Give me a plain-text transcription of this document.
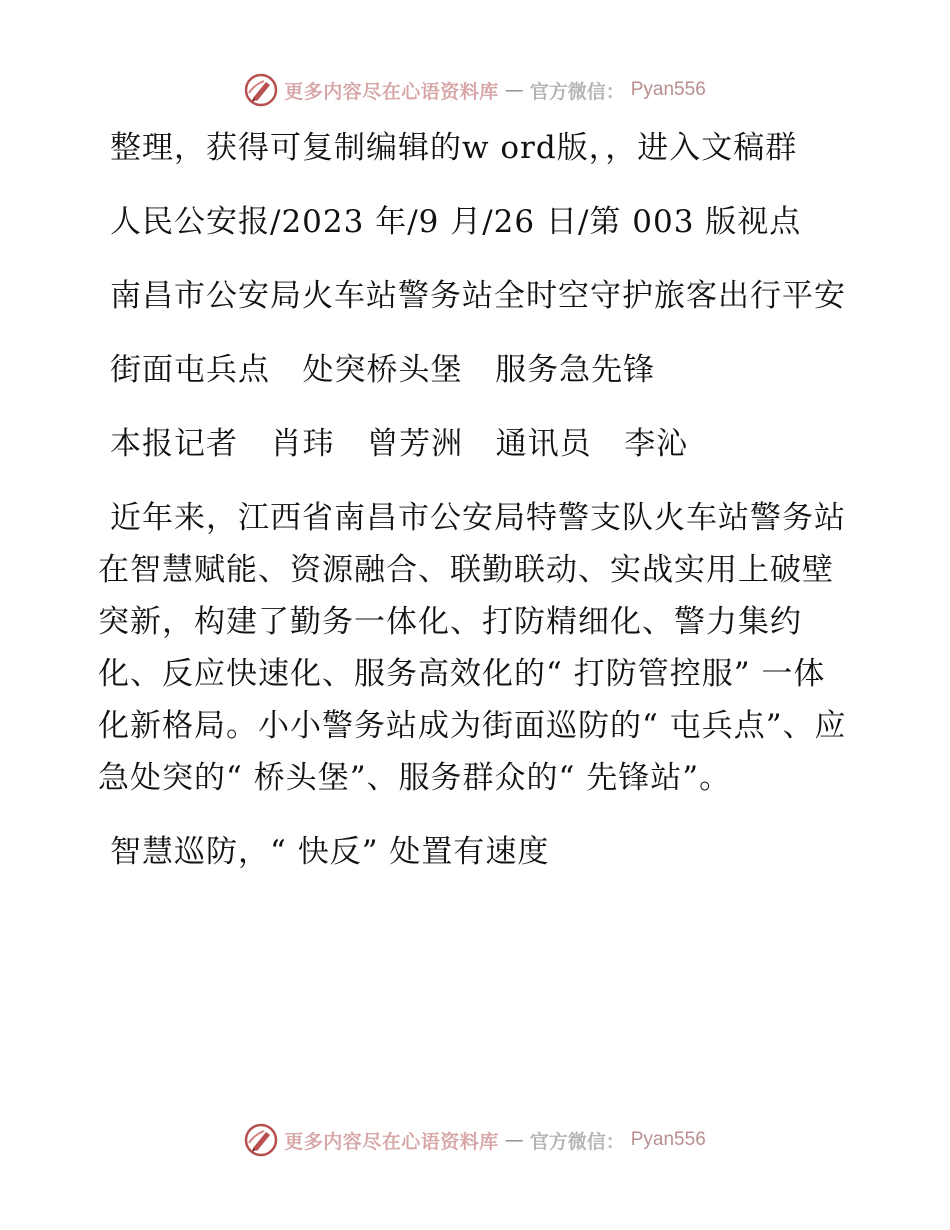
更多内容尽在心语资料库 — 官方微信： Pyan556

整理，获得可复制编辑的w ord版，，进入文稿群

人民公安报/2023 年/9 月/26 日/第 003 版视点

南昌市公安局火车站警务站全时空守护旅客出行平安

街面屯兵点   处突桥头堡   服务急先锋

本报记者   肖玮   曾芳洲   通讯员   李沁

近年来，江西省南昌市公安局特警支队火车站警务站在智慧赋能、资源融合、联勤联动、实战实用上破壁突新，构建了勤务一体化、打防精细化、警力集约化、反应快速化、服务高效化的“ 打防管控服” 一体化新格局。小小警务站成为街面巡防的“ 屯兵点”、应急处突的“ 桥头堡”、服务群众的“ 先锋站”。

智慧巡防，“ 快反” 处置有速度

更多内容尽在心语资料库 — 官方微信： Pyan556
